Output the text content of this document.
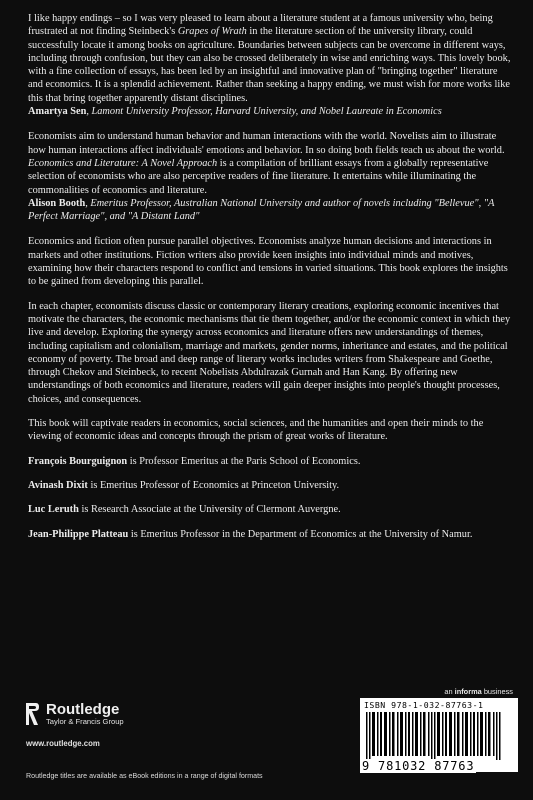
I like happy endings – so I was very pleased to learn about a literature student at a famous university who, being frustrated at not finding Steinbeck's Grapes of Wrath in the literature section of the university library, could successfully locate it among books on agriculture. Boundaries between subjects can be overcome in different ways, including through confusion, but they can also be crossed deliberately in wise and enriching ways. This lovely book, with a fine collection of essays, has been led by an insightful and innovative plan of "bringing together" literature and economics. It is a splendid achievement. Rather than seeking a happy ending, we must wish for more works like this that bring together apparently distant disciplines.

Amartya Sen, Lamont University Professor, Harvard University, and Nobel Laureate in Economics

Economists aim to understand human behavior and human interactions with the world. Novelists aim to illustrate how human interactions affect individuals' emotions and behavior. In so doing both fields teach us about the world. Economics and Literature: A Novel Approach is a compilation of brilliant essays from a globally representative selection of economists who are also perceptive readers of fine literature. It entertains while illuminating the commonalities of economics and literature.

Alison Booth, Emeritus Professor, Australian National University and author of novels including "Bellevue", "A Perfect Marriage", and "A Distant Land"

Economics and fiction often pursue parallel objectives. Economists analyze human decisions and interactions in markets and other institutions. Fiction writers also provide keen insights into individual minds and motives, examining how their characters respond to conflict and tensions in varied situations. This book explores the insights to be gained from developing this parallel.

In each chapter, economists discuss classic or contemporary literary creations, exploring economic incentives that motivate the characters, the economic mechanisms that tie them together, and/or the economic context in which they live and develop. Exploring the synergy across economics and literature offers new understandings of themes, including capitalism and colonialism, marriage and markets, gender norms, inheritance and estates, and the political economy of poverty. The broad and deep range of literary works includes writers from Shakespeare and Goethe, through Chekov and Steinbeck, to recent Nobelists Abdulrazak Gurnah and Han Kang. By offering new understandings of both economics and literature, readers will gain deeper insights into people's thought processes, choices, and consequences.

This book will captivate readers in economics, social sciences, and the humanities and open their minds to the viewing of economic ideas and concepts through the prism of great works of literature.

François Bourguignon is Professor Emeritus at the Paris School of Economics.

Avinash Dixit is Emeritus Professor of Economics at Princeton University.

Luc Leruth is Research Associate at the University of Clermont Auvergne.

Jean-Philippe Platteau is Emeritus Professor in the Department of Economics at the University of Namur.

Routledge
Taylor & Francis Group
www.routledge.com
Routledge titles are available as eBook editions in a range of digital formats
an informa business
ISBN 978-1-032-87763-1
9 781032 87763
